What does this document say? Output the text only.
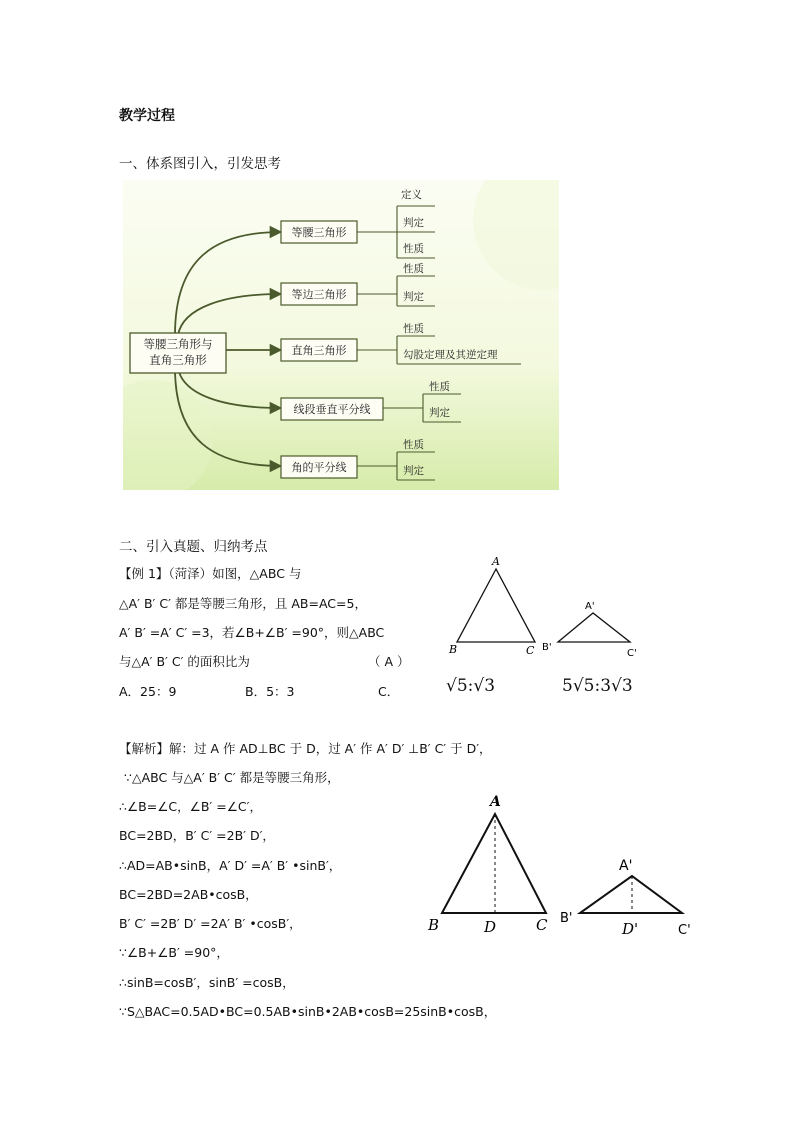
教学过程
一、体系图引入，引发思考
等腰三角形与
直角三角形
等腰三角形
定义
判定
性质
等边三角形
性质
判定
直角三角形
性质
勾股定理及其逆定理
线段垂直平分线
性质
判定
角的平分线
性质
判定
二、引入真题、归纳考点
【例 1】（菏泽）如图，△ABC 与
△A′ B′ C′ 都是等腰三角形，且 AB=AC=5，
A′ B′ =A′ C′ =3，若∠B+∠B′ =90°，则△ABC
与△A′ B′ C′ 的面积比为	（ A ）
A．25：9	B．5：3	C．	√5:√3	5√5:3√3
A
B	C
A'
B'
C'
【解析】解：过 A 作 AD⊥BC 于 D，过 A′ 作 A′ D′ ⊥B′ C′ 于 D′，
∵△ABC 与△A′ B′ C′ 都是等腰三角形，
∴∠B=∠C，∠B′ =∠C′，
BC=2BD，B′ C′ =2B′ D′，
∴AD=AB•sinB，A′ D′ =A′ B′ •sinB′，
BC=2BD=2AB•cosB，
B′ C′ =2B′ D′ =2A′ B′ •cosB′，
∵∠B+∠B′ =90°，
∴sinB=cosB′，sinB′ =cosB，
∵S△BAC=0.5AD•BC=0.5AB•sinB•2AB•cosB=25sinB•cosB，
A
B	D	C
A'
B'
D'	C'
